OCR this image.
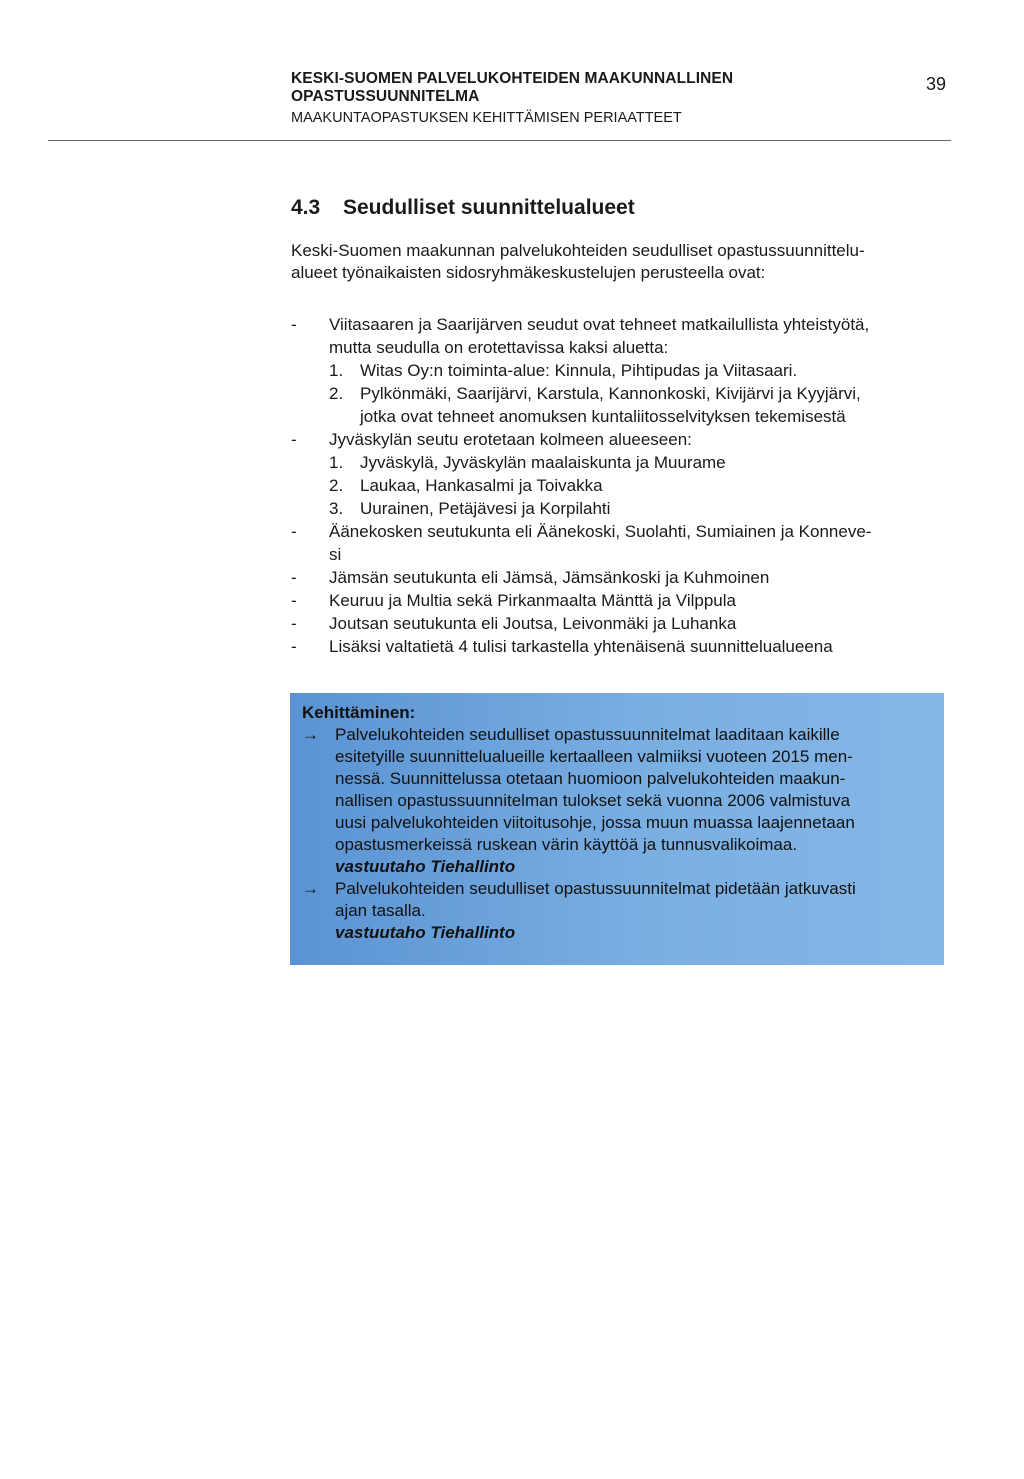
KESKI-SUOMEN PALVELUKOHTEIDEN MAAKUNNALLINEN
OPASTUSSUUNNITELMA
MAAKUNTAOPASTUKSEN KEHITTÄMISEN PERIAATTEET
39
4.3 Seudulliset suunnittelualueet
Keski-Suomen maakunnan palvelukohteiden seudulliset opastussuunnittelu-
alueet työnaikaisten sidosryhmäkeskustelujen perusteella ovat:
- Viitasaaren ja Saarijärven seudut ovat tehneet matkailullista yhteistyötä,
mutta seudulla on erotettavissa kaksi aluetta:
1. Witas Oy:n toiminta-alue: Kinnula, Pihtipudas ja Viitasaari.
2. Pylkönmäki, Saarijärvi, Karstula, Kannonkoski, Kivijärvi ja Kyyjärvi,
jotka ovat tehneet anomuksen kuntaliitosselvityksen tekemisestä
- Jyväskylän seutu erotetaan kolmeen alueeseen:
1. Jyväskylä, Jyväskylän maalaiskunta ja Muurame
2. Laukaa, Hankasalmi ja Toivakka
3. Uurainen, Petäjävesi ja Korpilahti
- Äänekosken seutukunta eli Äänekoski, Suolahti, Sumiainen ja Konneve-
si
- Jämsän seutukunta eli Jämsä, Jämsänkoski ja Kuhmoinen
- Keuruu ja Multia sekä Pirkanmaalta Mänttä ja Vilppula
- Joutsan seutukunta eli Joutsa, Leivonmäki ja Luhanka
- Lisäksi valtatietä 4 tulisi tarkastella yhtenäisenä suunnittelualueena
Kehittäminen:
→ Palvelukohteiden seudulliset opastussuunnitelmat laaditaan kaikille
esitetyille suunnittelualueille kertaalleen valmiiksi vuoteen 2015 men-
nessä. Suunnittelussa otetaan huomioon palvelukohteiden maakun-
nallisen opastussuunnitelman tulokset sekä vuonna 2006 valmistuva
uusi palvelukohteiden viitoitusohje, jossa muun muassa laajennetaan
opastusmerkeissä ruskean värin käyttöä ja tunnusvalikoimaa.
vastuutaho Tiehallinto
→ Palvelukohteiden seudulliset opastussuunnitelmat pidetään jatkuvasti
ajan tasalla.
vastuutaho Tiehallinto
